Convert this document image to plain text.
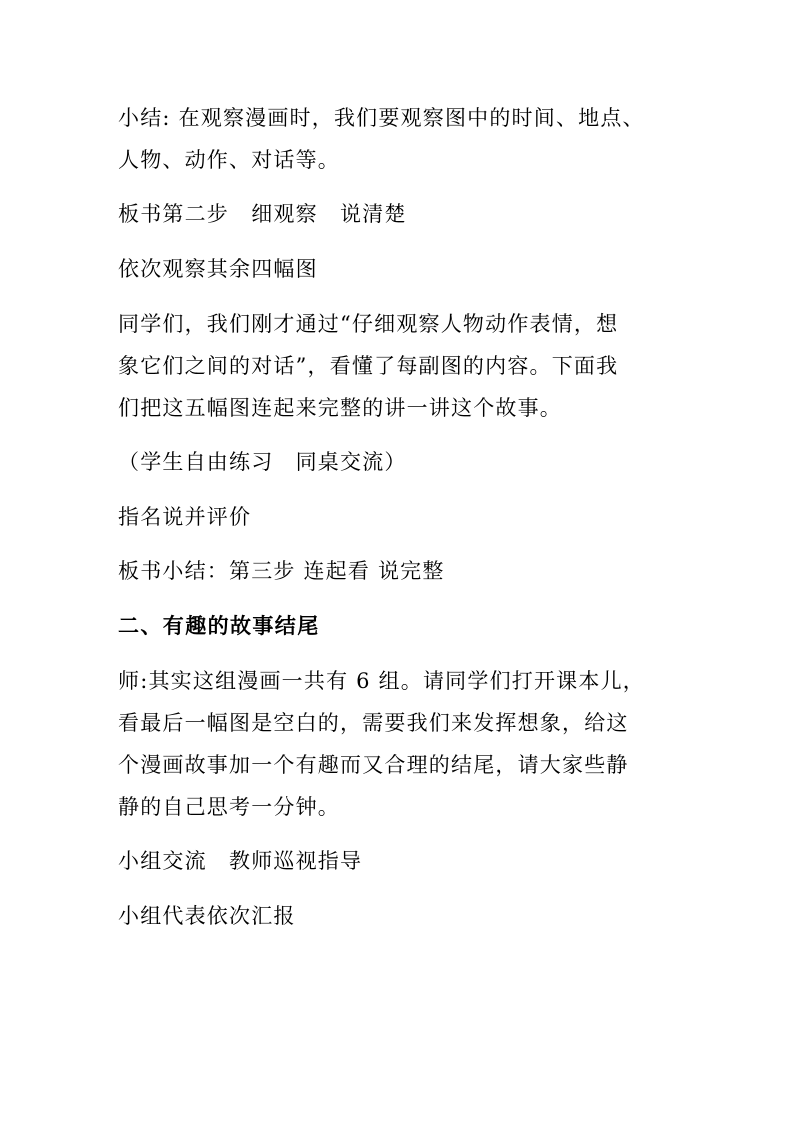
小结: 在观察漫画时，我们要观察图中的时间、地点、
人物、动作、对话等。
板书第二步　细观察　说清楚
依次观察其余四幅图
同学们，我们刚才通过“仔细观察人物动作表情，想
象它们之间的对话”，看懂了每副图的内容。下面我
们把这五幅图连起来完整的讲一讲这个故事。
（学生自由练习　同桌交流）
指名说并评价
板书小结：第三步 连起看 说完整
二、有趣的故事结尾
师:其实这组漫画一共有 6 组。请同学们打开课本儿，
看最后一幅图是空白的，需要我们来发挥想象，给这
个漫画故事加一个有趣而又合理的结尾，请大家些静
静的自己思考一分钟。
小组交流　教师巡视指导
小组代表依次汇报
